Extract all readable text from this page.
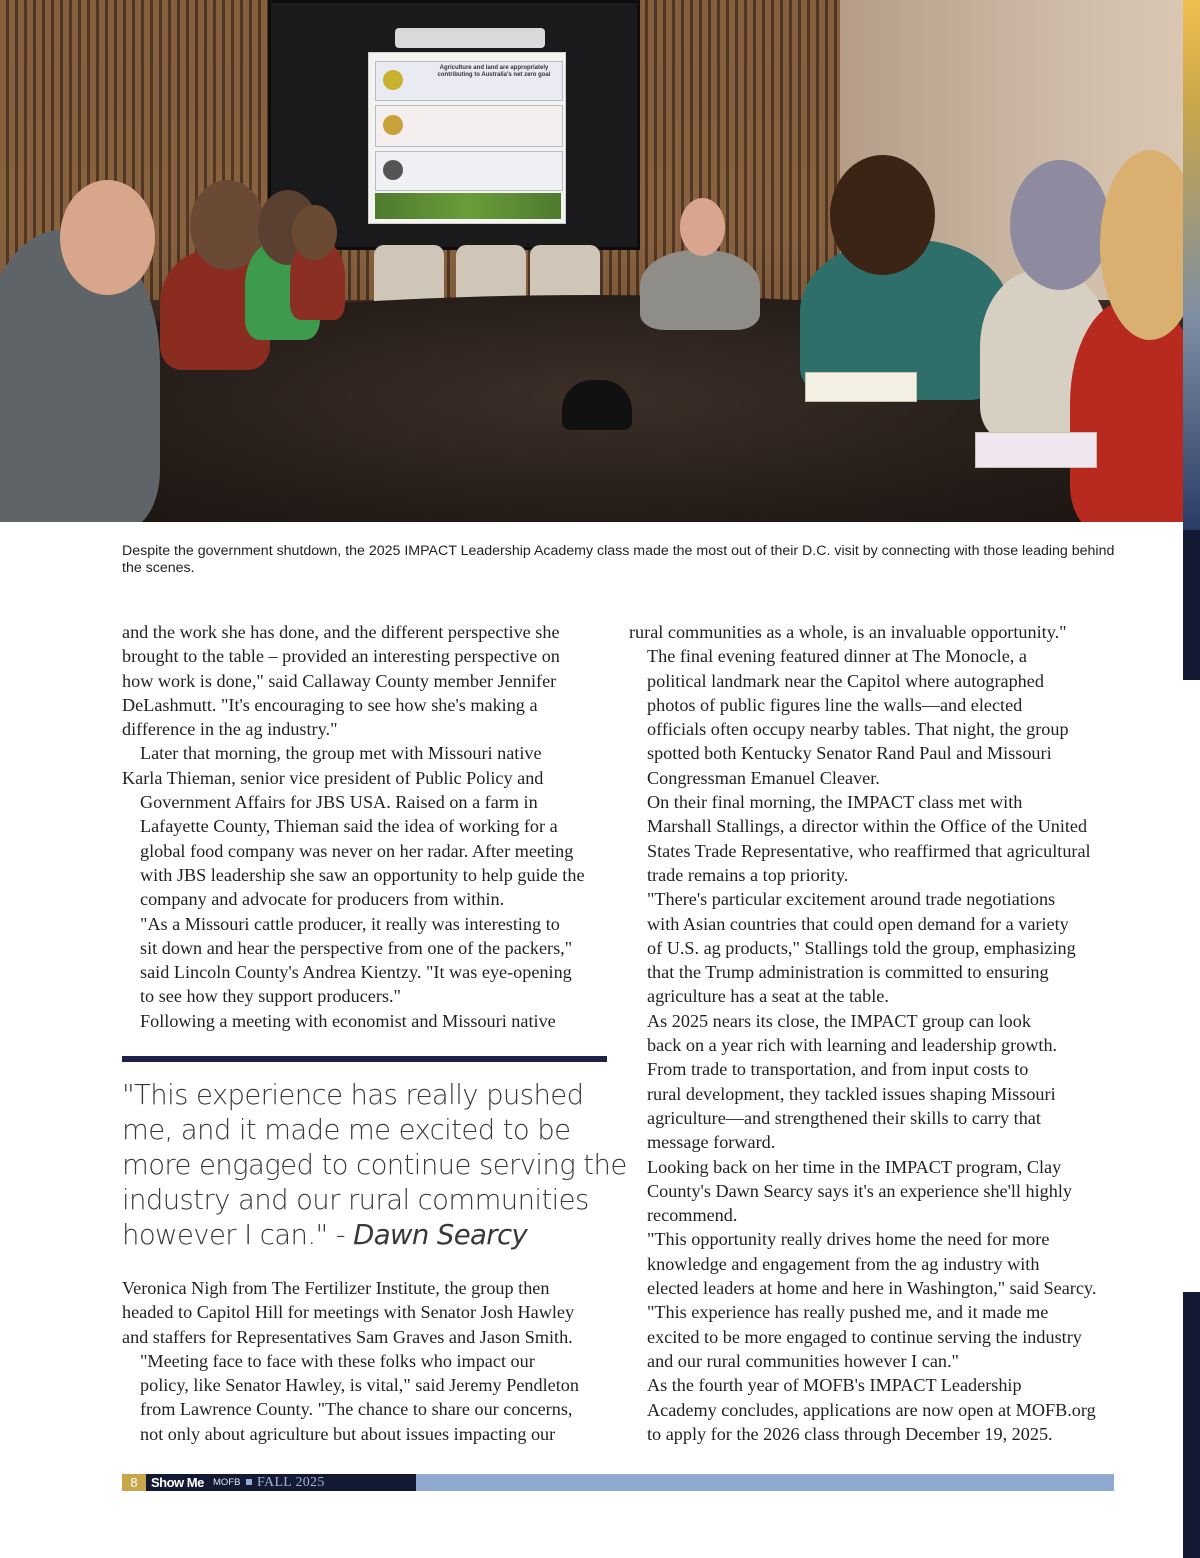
Agriculture and land are appropriately contributing to Australia's net zero goal
Despite the government shutdown, the 2025 IMPACT Leadership Academy class made the most out of their D.C. visit by connecting with those leading behind the scenes.

and the work she has done, and the different perspective she
brought to the table – provided an interesting perspective on
how work is done," said Callaway County member Jennifer
DeLashmutt. "It's encouraging to see how she's making a
difference in the ag industry."

Later that morning, the group met with Missouri native
Karla Thieman, senior vice president of Public Policy and
Government Affairs for JBS USA. Raised on a farm in
Lafayette County, Thieman said the idea of working for a
global food company was never on her radar. After meeting
with JBS leadership she saw an opportunity to help guide the
company and advocate for producers from within.

"As a Missouri cattle producer, it really was interesting to
sit down and hear the perspective from one of the packers,"
said Lincoln County's Andrea Kientzy. "It was eye-opening
to see how they support producers."

Following a meeting with economist and Missouri native

"This experience has really pushed
me, and it made me excited to be
more engaged to continue serving the
industry and our rural communities
however I can." - Dawn Searcy

Veronica Nigh from The Fertilizer Institute, the group then
headed to Capitol Hill for meetings with Senator Josh Hawley
and staffers for Representatives Sam Graves and Jason Smith.

"Meeting face to face with these folks who impact our
policy, like Senator Hawley, is vital," said Jeremy Pendleton
from Lawrence County. "The chance to share our concerns,
not only about agriculture but about issues impacting our

rural communities as a whole, is an invaluable opportunity."

The final evening featured dinner at The Monocle, a
political landmark near the Capitol where autographed
photos of public figures line the walls—and elected
officials often occupy nearby tables. That night, the group
spotted both Kentucky Senator Rand Paul and Missouri
Congressman Emanuel Cleaver.

On their final morning, the IMPACT class met with
Marshall Stallings, a director within the Office of the United
States Trade Representative, who reaffirmed that agricultural
trade remains a top priority.

"There's particular excitement around trade negotiations
with Asian countries that could open demand for a variety
of U.S. ag products," Stallings told the group, emphasizing
that the Trump administration is committed to ensuring
agriculture has a seat at the table.

As 2025 nears its close, the IMPACT group can look
back on a year rich with learning and leadership growth.
From trade to transportation, and from input costs to
rural development, they tackled issues shaping Missouri
agriculture—and strengthened their skills to carry that
message forward.

Looking back on her time in the IMPACT program, Clay
County's Dawn Searcy says it's an experience she'll highly
recommend.

"This opportunity really drives home the need for more
knowledge and engagement from the ag industry with
elected leaders at home and here in Washington," said Searcy.
"This experience has really pushed me, and it made me
excited to be more engaged to continue serving the industry
and our rural communities however I can."

As the fourth year of MOFB's IMPACT Leadership
Academy concludes, applications are now open at MOFB.org
to apply for the 2026 class through December 19, 2025.

8	Show Me MOFB FALL 2025
